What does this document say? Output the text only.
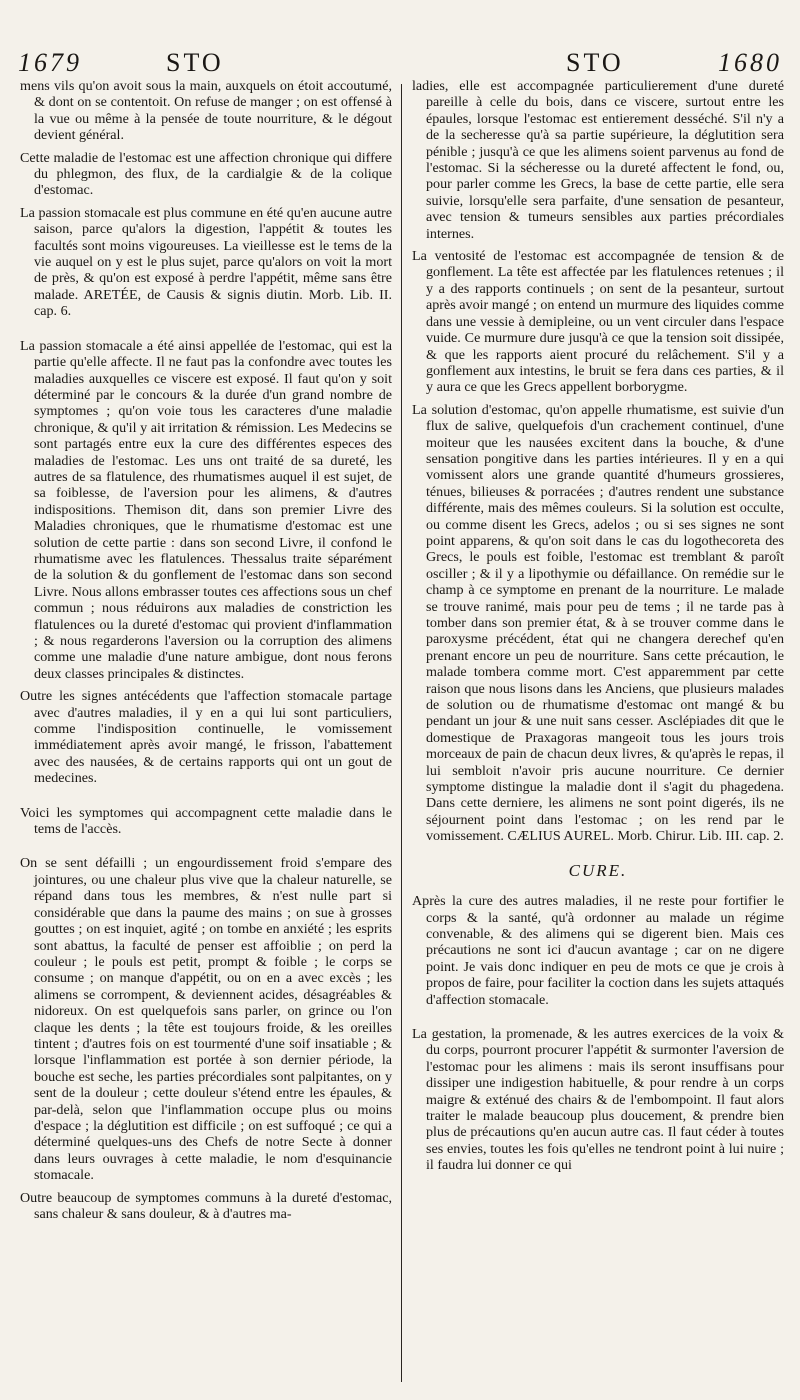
1679	STO	STO	1680

mens vils qu'on avoit sous la main, auxquels on étoit accoutumé, & dont on se contentoit. On refuse de manger ; on est offensé à la vue ou même à la pensée de toute nourriture, & le dégout devient général.

Cette maladie de l'estomac est une affection chronique qui differe du phlegmon, des flux, de la cardialgie & de la colique d'estomac.

La passion stomacale est plus commune en été qu'en aucune autre saison, parce qu'alors la digestion, l'appétit & toutes les facultés sont moins vigoureuses. La vieillesse est le tems de la vie auquel on y est le plus sujet, parce qu'alors on voit la mort de près, & qu'on est exposé à perdre l'appétit, même sans être malade. ARETÉE, de Causis & signis diutin. Morb. Lib. II. cap. 6.

La passion stomacale a été ainsi appellée de l'estomac, qui est la partie qu'elle affecte. Il ne faut pas la confondre avec toutes les maladies auxquelles ce viscere est exposé. Il faut qu'on y soit déterminé par le concours & la durée d'un grand nombre de symptomes ; qu'on voie tous les caracteres d'une maladie chronique, & qu'il y ait irritation & rémission. Les Medecins se sont partagés entre eux la cure des différentes especes des maladies de l'estomac. Les uns ont traité de sa dureté, les autres de sa flatulence, des rhumatismes auquel il est sujet, de sa foiblesse, de l'aversion pour les alimens, & d'autres indispositions. Themison dit, dans son premier Livre des Maladies chroniques, que le rhumatisme d'estomac est une solution de cette partie : dans son second Livre, il confond le rhumatisme avec les flatulences. Thessalus traite séparément de la solution & du gonflement de l'estomac dans son second Livre. Nous allons embrasser toutes ces affections sous un chef commun ; nous réduirons aux maladies de constriction les flatulences ou la dureté d'estomac qui provient d'inflammation ; & nous regarderons l'aversion ou la corruption des alimens comme une maladie d'une nature ambigue, dont nous ferons deux classes principales & distinctes.

Outre les signes antécédents que l'affection stomacale partage avec d'autres maladies, il y en a qui lui sont particuliers, comme l'indisposition continuelle, le vomissement immédiatement après avoir mangé, le frisson, l'abattement avec des nausées, & de certains rapports qui ont un gout de medecines.

Voici les symptomes qui accompagnent cette maladie dans le tems de l'accès.

On se sent défailli ; un engourdissement froid s'empare des jointures, ou une chaleur plus vive que la chaleur naturelle, se répand dans tous les membres, & n'est nulle part si considérable que dans la paume des mains ; on sue à grosses gouttes ; on est inquiet, agité ; on tombe en anxiété ; les esprits sont abattus, la faculté de penser est affoiblie ; on perd la couleur ; le pouls est petit, prompt & foible ; le corps se consume ; on manque d'appétit, ou on en a avec excès ; les alimens se corrompent, & deviennent acides, désagréables & nidoreux. On est quelquefois sans parler, on grince ou l'on claque les dents ; la tête est toujours froide, & les oreilles tintent ; d'autres fois on est tourmenté d'une soif insatiable ; & lorsque l'inflammation est portée à son dernier période, la bouche est seche, les parties précordiales sont palpitantes, on y sent de la douleur ; cette douleur s'étend entre les épaules, & par-delà, selon que l'inflammation occupe plus ou moins d'espace ; la déglutition est difficile ; on est suffoqué ; ce qui a déterminé quelques-uns des Chefs de notre Secte à donner dans leurs ouvrages à cette maladie, le nom d'esquinancie stomacale.

Outre beaucoup de symptomes communs à la dureté d'estomac, sans chaleur & sans douleur, & à d'autres ma-

ladies, elle est accompagnée particulierement d'une dureté pareille à celle du bois, dans ce viscere, surtout entre les épaules, lorsque l'estomac est entierement desséché. S'il n'y a de la secheresse qu'à sa partie supérieure, la déglutition sera pénible ; jusqu'à ce que les alimens soient parvenus au fond de l'estomac. Si la sécheresse ou la dureté affectent le fond, ou, pour parler comme les Grecs, la base de cette partie, elle sera suivie, lorsqu'elle sera parfaite, d'une sensation de pesanteur, avec tension & tumeurs sensibles aux parties précordiales internes.

La ventosité de l'estomac est accompagnée de tension & de gonflement. La tête est affectée par les flatulences retenues ; il y a des rapports continuels ; on sent de la pesanteur, surtout après avoir mangé ; on entend un murmure des liquides comme dans une vessie à demipleine, ou un vent circuler dans l'espace vuide. Ce murmure dure jusqu'à ce que la tension soit dissipée, & que les rapports aient procuré du relâchement. S'il y a gonflement aux intestins, le bruit se fera dans ces parties, & il y aura ce que les Grecs appellent borborygme.

La solution d'estomac, qu'on appelle rhumatisme, est suivie d'un flux de salive, quelquefois d'un crachement continuel, d'une moiteur que les nausées excitent dans la bouche, & d'une sensation pongitive dans les parties intérieures. Il y en a qui vomissent alors une grande quantité d'humeurs grossieres, ténues, bilieuses & porracées ; d'autres rendent une substance différente, mais des mêmes couleurs. Si la solution est occulte, ou comme disent les Grecs, adelos ; ou si ses signes ne sont point apparens, & qu'on soit dans le cas du logothecoreta des Grecs, le pouls est foible, l'estomac est tremblant & paroît osciller ; & il y a lipothymie ou défaillance. On remédie sur le champ à ce symptome en prenant de la nourriture. Le malade se trouve ranimé, mais pour peu de tems ; il ne tarde pas à tomber dans son premier état, & à se trouver comme dans le paroxysme précédent, état qui ne changera derechef qu'en prenant encore un peu de nourriture. Sans cette précaution, le malade tombera comme mort. C'est apparemment par cette raison que nous lisons dans les Anciens, que plusieurs malades de solution ou de rhumatisme d'estomac ont mangé & bu pendant un jour & une nuit sans cesser. Asclépiades dit que le domestique de Praxagoras mangeoit tous les jours trois morceaux de pain de chacun deux livres, & qu'après le repas, il lui sembloit n'avoir pris aucune nourriture. Ce dernier symptome distingue la maladie dont il s'agit du phagedena. Dans cette derniere, les alimens ne sont point digerés, ils ne séjournent point dans l'estomac ; on les rend par le vomissement. CÆLIUS AUREL. Morb. Chirur. Lib. III. cap. 2.

CURE.

Après la cure des autres maladies, il ne reste pour fortifier le corps & la santé, qu'à ordonner au malade un régime convenable, & des alimens qui se digerent bien. Mais ces précautions ne sont ici d'aucun avantage ; car on ne digere point. Je vais donc indiquer en peu de mots ce que je crois à propos de faire, pour faciliter la coction dans les sujets attaqués d'affection stomacale.

La gestation, la promenade, & les autres exercices de la voix & du corps, pourront procurer l'appétit & surmonter l'aversion de l'estomac pour les alimens : mais ils seront insuffisans pour dissiper une indigestion habituelle, & pour rendre à un corps maigre & exténué des chairs & de l'embompoint. Il faut alors traiter le malade beaucoup plus doucement, & prendre bien plus de précautions qu'en aucun autre cas. Il faut céder à toutes ses envies, toutes les fois qu'elles ne tendront point à lui nuire ; il faudra lui donner ce qui
